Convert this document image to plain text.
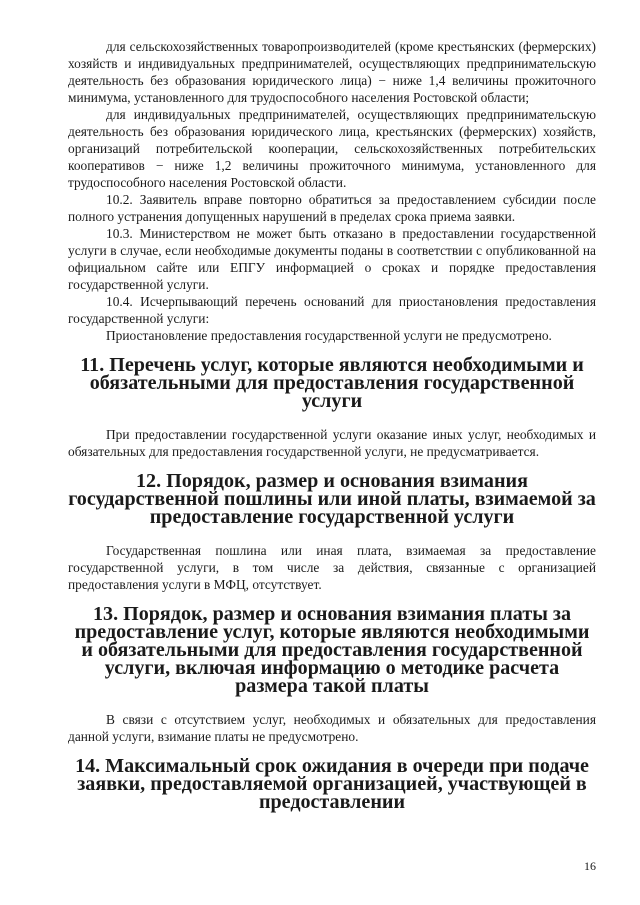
для сельскохозяйственных товаропроизводителей (кроме крестьянских (фермерских) хозяйств и индивидуальных предпринимателей, осуществляющих предпринимательскую деятельность без образования юридического лица) − ниже 1,4 величины прожиточного минимума, установленного для трудоспособного населения Ростовской области;

для индивидуальных предпринимателей, осуществляющих предпринимательскую деятельность без образования юридического лица, крестьянских (фермерских) хозяйств, организаций потребительской кооперации, сельскохозяйственных потребительских кооперативов − ниже 1,2 величины прожиточного минимума, установленного для трудоспособного населения Ростовской области.

10.2. Заявитель вправе повторно обратиться за предоставлением субсидии после полного устранения допущенных нарушений в пределах срока приема заявки.

10.3. Министерством не может быть отказано в предоставлении государственной услуги в случае, если необходимые документы поданы в соответствии с опубликованной на официальном сайте или ЕПГУ информацией о сроках и порядке предоставления государственной услуги.

10.4. Исчерпывающий перечень оснований для приостановления предоставления государственной услуги:

Приостановление предоставления государственной услуги не предусмотрено.

11. Перечень услуг, которые являются необходимыми и обязательными для предоставления государственной услуги

При предоставлении государственной услуги оказание иных услуг, необходимых и обязательных для предоставления государственной услуги, не предусматривается.

12. Порядок, размер и основания взимания государственной пошлины или иной платы, взимаемой за предоставление государственной услуги

Государственная пошлина или иная плата, взимаемая за предоставление государственной услуги, в том числе за действия, связанные с организацией предоставления услуги в МФЦ, отсутствует.

13. Порядок, размер и основания взимания платы за предоставление услуг, которые являются необходимыми и обязательными для предоставления государственной услуги, включая информацию о методике расчета размера такой платы

В связи с отсутствием услуг, необходимых и обязательных для предоставления данной услуги, взимание платы не предусмотрено.

14. Максимальный срок ожидания в очереди при подаче заявки, предоставляемой организацией, участвующей в предоставлении
16
